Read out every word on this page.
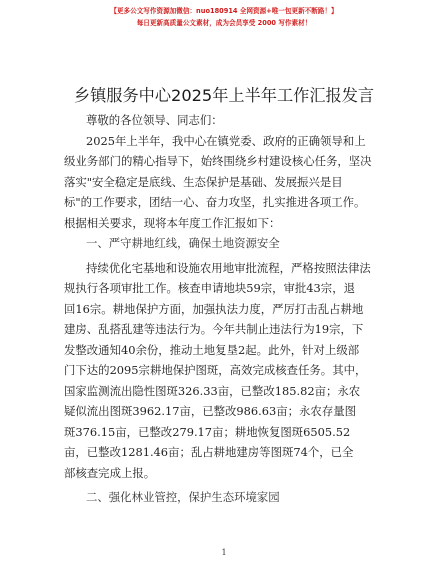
【更多公文写作资源加微信：nuo180914 全网资源+唯一包更新不断路！】
每日更新高质量公文素材，成为会员享受 2000 写作素材！
乡镇服务中心2025年上半年工作汇报发言
尊敬的各位领导、同志们：
2025年上半年，我中心在镇党委、政府的正确领导和上
级业务部门的精心指导下，始终围绕乡村建设核心任务，坚决
落实"安全稳定是底线、生态保护是基础、发展振兴是目
标"的工作要求，团结一心、奋力攻坚，扎实推进各项工作。
根据相关要求，现将本年度工作汇报如下：
一、严守耕地红线，确保土地资源安全
持续优化宅基地和设施农用地审批流程，严格按照法律法
规执行各项审批工作。核查申请地块59宗，审批43宗，退
回16宗。耕地保护方面，加强执法力度，严厉打击乱占耕地
建房、乱搭乱建等违法行为。今年共制止违法行为19宗，下
发整改通知40余份，推动土地复垦2起。此外，针对上级部
门下达的2095宗耕地保护图斑，高效完成核查任务。其中，
国家监测流出隐性图斑326.33亩，已整改185.82亩；永农
疑似流出图斑3962.17亩，已整改986.63亩；永农存量图
斑376.15亩，已整改279.17亩；耕地恢复图斑6505.52
亩，已整改1281.46亩；乱占耕地建房等图斑74个，已全
部核查完成上报。
二、强化林业管控，保护生态环境家园
1
